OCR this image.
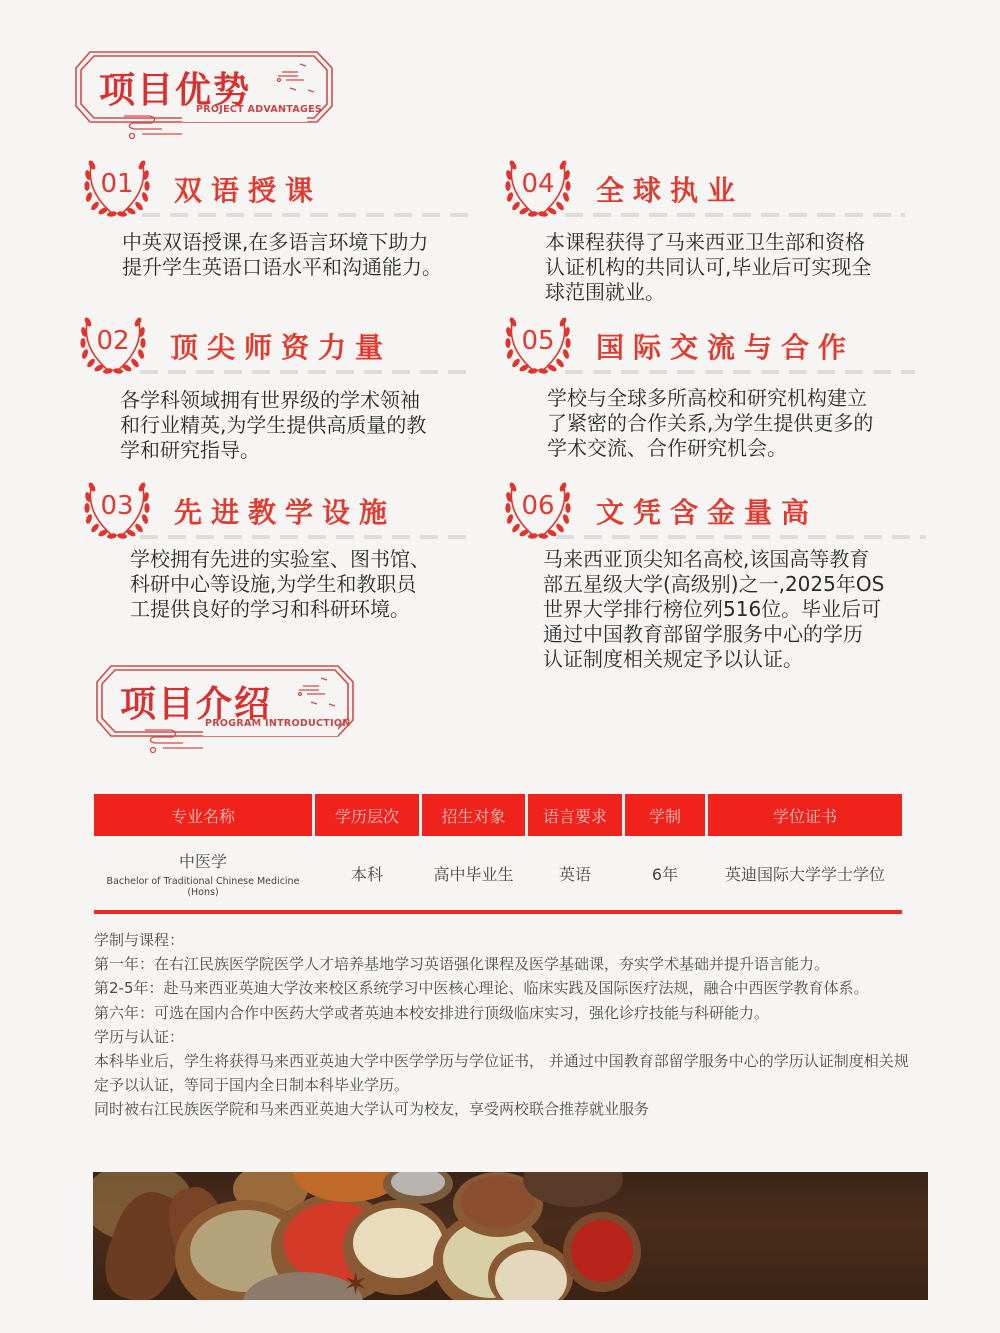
项目优势
PROJECT ADVANTAGES
01	双语授课
中英双语授课,在多语言环境下助力
提升学生英语口语水平和沟通能力。
02	顶尖师资力量
各学科领域拥有世界级的学术领袖
和行业精英,为学生提供高质量的教
学和研究指导。
03	先进教学设施
学校拥有先进的实验室、图书馆、
科研中心等设施,为学生和教职员
工提供良好的学习和科研环境。
04	全球执业
本课程获得了马来西亚卫生部和资格
认证机构的共同认可,毕业后可实现全
球范围就业。
05	国际交流与合作
学校与全球多所高校和研究机构建立
了紧密的合作关系,为学生提供更多的
学术交流、合作研究机会。
06	文凭含金量高
马来西亚顶尖知名高校,该国高等教育
部五星级大学(高级别)之一,2025年OS
世界大学排行榜位列516位。毕业后可
通过中国教育部留学服务中心的学历
认证制度相关规定予以认证。
项目介绍
PROGRAM INTRODUCTION
专业名称	学历层次	招生对象	语言要求	学制	学位证书
中医学
Bachelor of Traditional Chinese Medicine (Hons)
本科	高中毕业生	英语	6年	英迪国际大学学士学位

学制与课程：

第一年：在右江民族医学院医学人才培养基地学习英语强化课程及医学基础课，夯实学术基础并提升语言能力。

第2-5年：赴马来西亚英迪大学汝来校区系统学习中医核心理论、临床实践及国际医疗法规，融合中西医学教育体系。

第六年：可选在国内合作中医药大学或者英迪本校安排进行顶级临床实习，强化诊疗技能与科研能力。

学历与认证：

本科毕业后，学生将获得马来西亚英迪大学中医学学历与学位证书， 并通过中国教育部留学服务中心的学历认证制度相关规定予以认证，等同于国内全日制本科毕业学历。

同时被右江民族医学院和马来西亚英迪大学认可为校友，享受两校联合推荐就业服务

✶
